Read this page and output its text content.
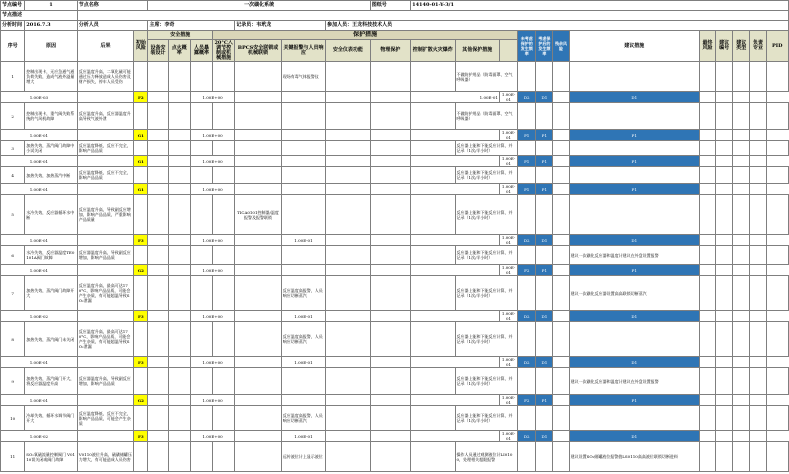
节点编号	1	节点名称		一次磺化系统							图纸号	14140-01-Y-3/1											
节点描述																							
分析时间	2016.7.3	分析人员		主席：李奇				记录员：韦玳龙		参加人员：王龙科技技术人员													
序号	原因	后果	初始风险	安全措施			保护措施								未考虑保护的发生频率	考虑保护后的发生频率	残余风险	建议措施	最终风险	建议编号	建议类型	负责专业	PID
				设备安装设计	点火概率	人员暴露概率	20°C入调节控制或机械措施	BPCS安全联锁或机械联锁	关键报警与人员响应	安全仪表功能	物理保护	控制扩散火灾爆炸	其他保护措施										
1	控制出现卡，无应急通气通负荷失败，造成气液外溢量增大	反应温度升高，二氧化硫可能通过压力释放造成人员伤害及财产损失，停车人员受伤							现场有毒气体报警仪				不做防护用品（防毒面罩、空气呼吸器）										
1.00E-03			F2			1.00E+00						1.00E-01		1.00E-01	D2	D1		D1					
2	控制出现卡，重气阀失败系统的气风机故障	反应温度升高，反应器温度升高导致气液外泄											不做防护用品（防毒面罩、空气呼吸器）										
1.00E-01			G1			1.00E+00								1.00E-01	P1	P1		P1					
3	加热失效，蒸汽阀门故障中小试关闭	反应温度降低，反应不完全，影响产品品质											反应器上能和下能反应计算，并记录（1次/半小时）										
1.00E-01			G1			1.00E+00								1.00E-01	P1	P1		P1					
4	加热失效，加热蒸汽中断	反应温度降低，反应不完全，影响产品品质											反应器上能和下能反应计算，并记录（1次/半小时）										
1.00E-01			G1			1.00E+00								1.00E-01	P1	P1		P1					
5	水冷失效，反应器循环水中断	反应温度升高，导致副反应增加，影响产品品质，严重影响产品质量						TICA0101控制器/温度报警及报警联锁					反应器上能和下能反应计算，并记录（1次/半小时）										
1.00E-01			F3			1.00E+00			1.00E-01					1.00E-01	D2	D1		D1					
6	水冷失效，反应器温度TE0101A阀门故障	反应器温度升高，导致副反应增加，影响产品品质											反应器上能和下能反应计算，并记录（1次/半小时）					建议一次磺化反应器和温度计建议在外盘设置报警					
1.00E-01			G2			1.00E+00								1.00E-01	F2	P1		P1					
7	加热失效，蒸汽阀门故障开大	反应温度升高，最高可达170°C，影响产品品质，可能会产生杂质，有可能超温导致SO₂泄漏							反应温度高报警，人员响应切断蒸汽				反应器上能和下能反应计算，并记录（1次/半小时）					建议一次磺化反应器设置高高联锁切断蒸汽					
1.00E-02			F3			1.00E+00			1.00E-01					1.00E-01	D2	D1		D1					
8	加热失效，蒸汽阀门未关闭	反应温度升高，最高可达170°C，影响产品品质，可能会产生杂质，有可能超温导致SO₂泄漏							反应温度高报警，人员响应切断蒸汽				反应器上能和下能反应计算，并记录（1次/半小时）										
1.00E-01			F3			1.00E+00			1.00E-01					1.00E-01	D2	D1		D1					
9	加热失效，蒸汽阀门开大，将反应器温度升高	反应器温度升高，导致副反应增加，影响产品品质											反应器上能和下能反应计算，并记录（1次/半小时）					建议一次磺化反应器和温度计建议在外盘设置报警					
1.00E-01			G2			1.00E+00								1.00E-01	F2	P1		P1					
10	冷却失效，循环水调节阀门开大	反应温度降低，反应不完全，影响产品品质，可能会产生杂质							反应温度高报警，人员响应切断蒸汽				反应器上能和下能反应计算，并记录（1次/半小时）										
1.00E-02			F3			1.00E+00			1.00E-01					1.00E-01	D2	D1		D1					
11	SO₂氧硫流量控制阀门 V0110误关闭或阀门故障	V0110液位升高，硫磺储罐压力增大，有可能造成人员伤害							远传液位计上显示液位				操作人员通过观测液位计LI0100，处理相关超限报警					建议设置SO₂储罐液位报警值LS0110高高液位联锁切断进料					
